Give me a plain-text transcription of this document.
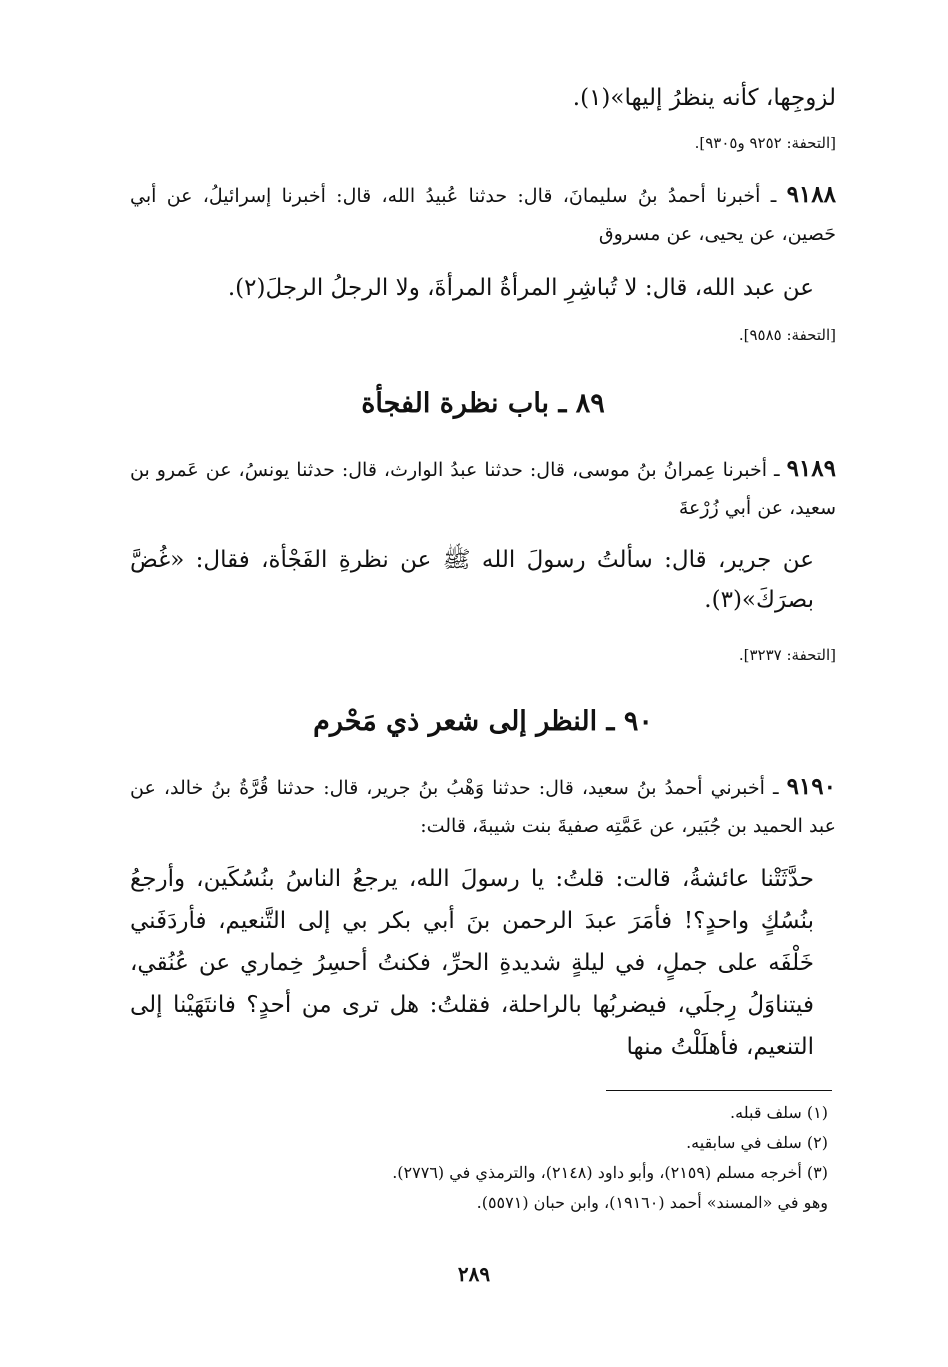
لزوجِها، كأنه ينظرُ إليها»(١).
[التحفة: ٩٢٥٢ و٩٣٠٥].
٩١٨٨ ـ أخبرنا أحمدُ بنُ سليمانَ، قال: حدثنا عُبيدُ الله، قال: أخبرنا إسرائيلُ، عن أبي حَصين، عن يحيى، عن مسروق
عن عبد الله، قال: لا تُباشِرِ المرأةُ المرأةَ، ولا الرجلُ الرجلَ(٢).
[التحفة: ٩٥٨٥].
٨٩ ـ باب نظرة الفجأة
٩١٨٩ ـ أخبرنا عِمرانُ بنُ موسى، قال: حدثنا عبدُ الوارث، قال: حدثنا يونسُ، عن عَمرو بن سعيد، عن أبي زُرْعةَ
عن جرير، قال: سألتُ رسولَ الله ﷺ عن نظرةِ الفَجْأة، فقال: «غُضَّ بصرَكَ»(٣).
[التحفة: ٣٢٣٧].
٩٠ ـ النظر إلى شعر ذي مَحْرم
٩١٩٠ ـ أخبرني أحمدُ بنُ سعيد، قال: حدثنا وَهْبُ بنُ جرير، قال: حدثنا قُرَّةُ بنُ خالد، عن عبد الحميد بن جُبَير، عن عَمَّتِه صفيةَ بنت شيبةَ، قالت:
حدَّثَتْنا عائشةُ، قالت: قلتُ: يا رسولَ الله، يرجعُ الناسُ بنُسُكَين، وأرجعُ بنُسُكٍ واحدٍ؟! فأمَرَ عبدَ الرحمن بنَ أبي بكر بي إلى التَّنعيم، فأردَفَني خَلْفَه على جملٍ، في ليلةٍ شديدةِ الحرِّ، فكنتُ أحسِرُ خِماري عن عُنُقي، فيتناوَلُ رِجلَي، فيضربُها بالراحلة، فقلتُ: هل ترى من أحدٍ؟ فانتَهَيْنا إلى التنعيم، فأهلَلْتُ منها
(١) سلف قبله.
(٢) سلف في سابقيه.
(٣) أخرجه مسلم (٢١٥٩)، وأبو داود (٢١٤٨)، والترمذي في (٢٧٧٦).
وهو في «المسند» أحمد (١٩١٦٠)، وابن حبان (٥٥٧١).
٢٨٩
